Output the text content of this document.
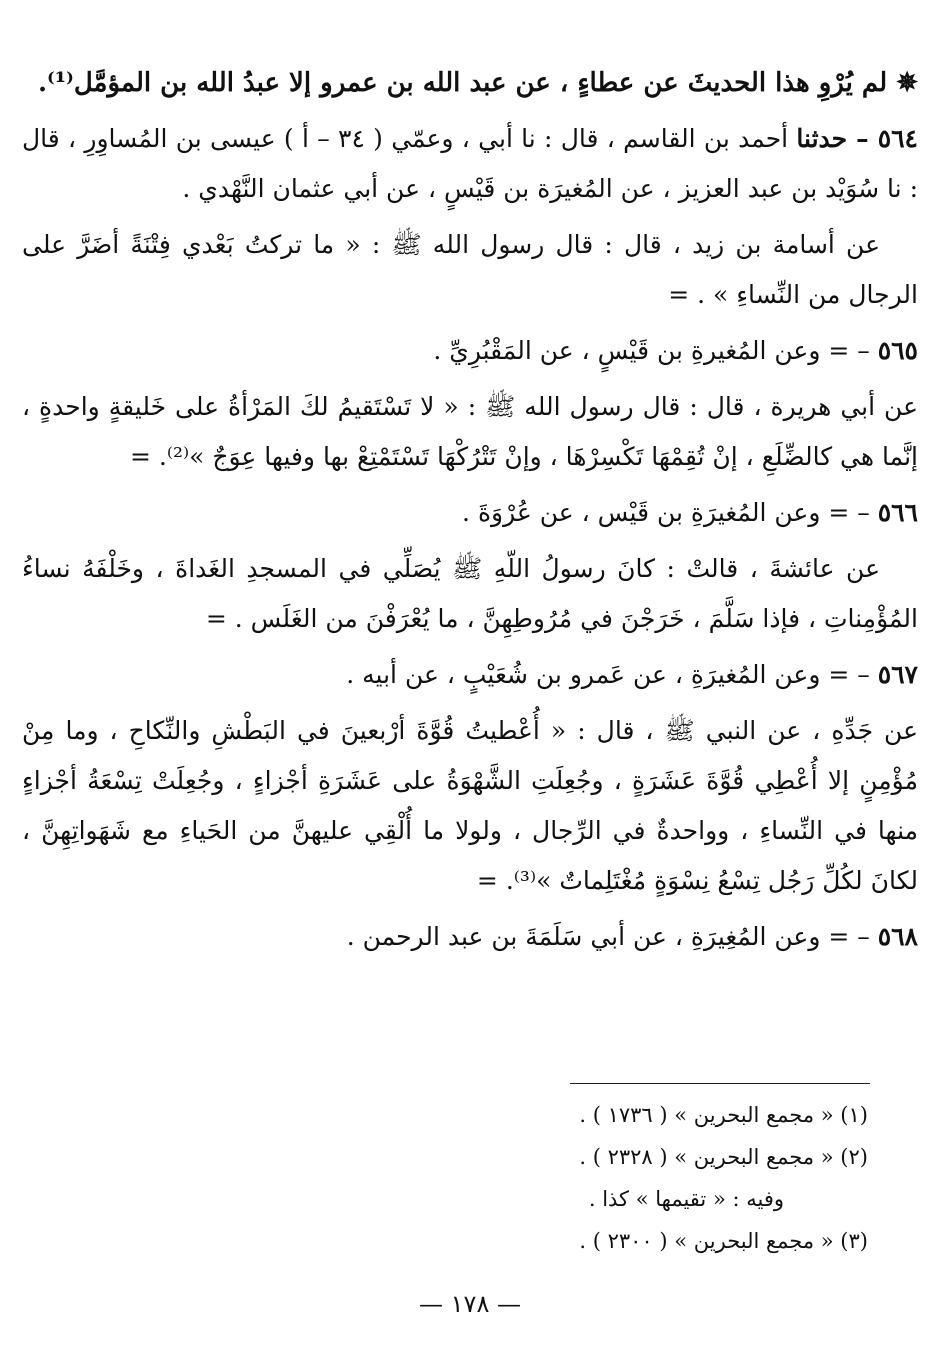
✵ لم يُرْوِ هذا الحديثَ عن عطاءٍ ، عن عبد الله بن عمرو إلا عبدُ الله بن المؤمَّل⁽¹⁾.

٥٦٤ – حدثنا أحمد بن القاسم ، قال : نا أبي ، وعمّي ( ٣٤ – أ ) عيسى بن المُساوِرِ ، قال : نا سُوَيْد بن عبد العزيز ، عن المُغيرَة بن قَيْسٍ ، عن أبي عثمان النَّهْدي .

عن أسامة بن زيد ، قال : قال رسول الله ﷺ : « ما تركتُ بَعْدي فِتْنَةً أضَرَّ على الرجال من النِّساءِ » . =

٥٦٥ – = وعن المُغيرةِ بن قَيْسٍ ، عن المَقْبُرِيِّ .

عن أبي هريرة ، قال : قال رسول الله ﷺ : « لا تَسْتَقيمُ لكَ المَرْأةُ على خَليقةٍ واحدةٍ ، إنَّما هي كالضِّلَعِ ، إنْ تُقِمْهَا تَكْسِرْهَا ، وإنْ تَتْرُكْهَا تَسْتَمْتِعْ بها وفيها عِوَجٌ »⁽²⁾. =

٥٦٦ – = وعن المُغيرَةِ بن قَيْس ، عن عُرْوَةَ .

عن عائشةَ ، قالتْ : كانَ رسولُ اللّهِ ﷺ يُصَلِّي في المسجدِ الغَداةَ ، وخَلْفَهُ نساءُ المُؤْمِناتِ ، فإذا سَلَّمَ ، خَرَجْنَ في مُرُوطِهِنَّ ، ما يُعْرَفْنَ من الغَلَس . =

٥٦٧ – = وعن المُغيرَةِ ، عن عَمرو بن شُعَيْبٍ ، عن أبيه .

عن جَدِّهِ ، عن النبي ﷺ ، قال : « أُعْطيتُ قُوَّةَ أرْبعينَ في البَطْشِ والنِّكاحِ ، وما مِنْ مُؤْمِنٍ إلا أُعْطِي قُوَّةَ عَشَرَةٍ ، وجُعِلَتِ الشَّهْوَةُ على عَشَرَةِ أجْزاءٍ ، وجُعِلَتْ تِسْعَةُ أجْزاءٍ منها في النِّساءِ ، وواحدةٌ في الرِّجال ، ولولا ما أُلْقِي عليهنَّ من الحَياءِ مع شَهَواتِهِنَّ ، لكانَ لكُلِّ رَجُل تِسْعُ نِسْوَةٍ مُغْتَلِماتٌ »⁽³⁾. =

٥٦٨ – = وعن المُغِيرَةِ ، عن أبي سَلَمَةَ بن عبد الرحمن .

(١) « مجمع البحرين » ( ١٧٣٦ ) .

(٢) « مجمع البحرين » ( ٢٣٢٨ ) .

وفيه : « تقيمها » كذا .

(٣) « مجمع البحرين » ( ٢٣٠٠ ) .

— ١٧٨ —
